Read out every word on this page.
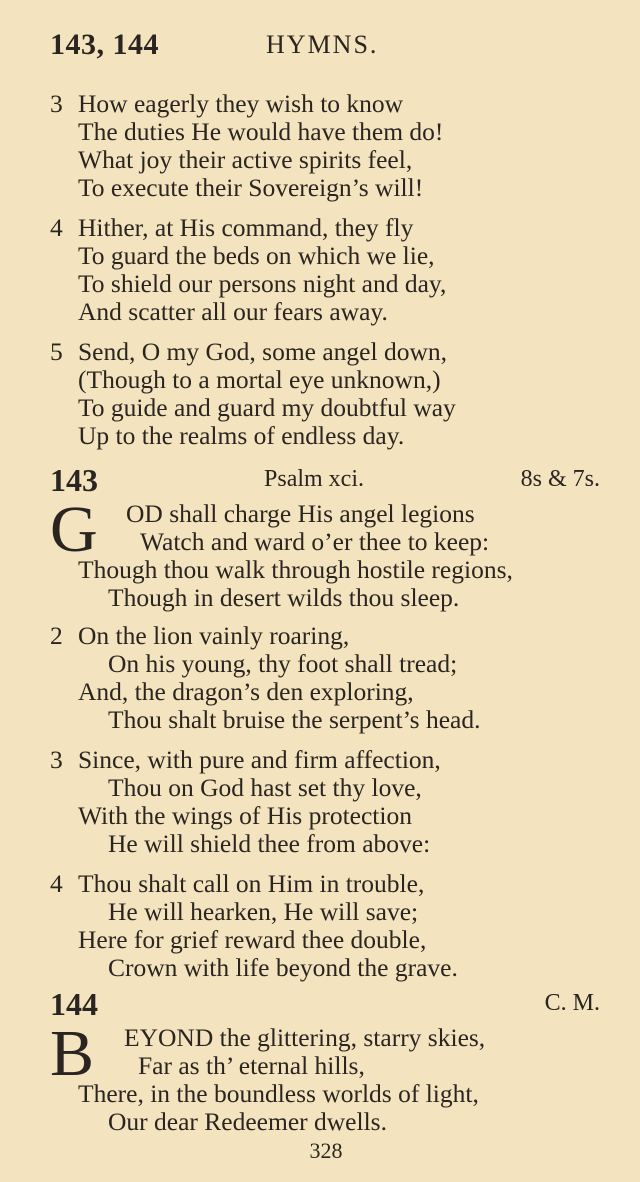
143, 144	HYMNS.
3 How eagerly they wish to know
The duties He would have them do!
What joy their active spirits feel,
To execute their Sovereign’s will!
4 Hither, at His command, they fly
To guard the beds on which we lie,
To shield our persons night and day,
And scatter all our fears away.
5 Send, O my God, some angel down,
(Though to a mortal eye unknown,)
To guide and guard my doubtful way
Up to the realms of endless day.
143	Psalm xci.	8s & 7s.
G	OD shall charge His angel legions
Watch and ward o’er thee to keep:
Though thou walk through hostile regions,
Though in desert wilds thou sleep.
2 On the lion vainly roaring,
On his young, thy foot shall tread;
And, the dragon’s den exploring,
Thou shalt bruise the serpent’s head.
3 Since, with pure and firm affection,
Thou on God hast set thy love,
With the wings of His protection
He will shield thee from above:
4 Thou shalt call on Him in trouble,
He will hearken, He will save;
Here for grief reward thee double,
Crown with life beyond the grave.
144	C. M.
B	EYOND the glittering, starry skies,
Far as th’ eternal hills,
There, in the boundless worlds of light,
Our dear Redeemer dwells.
328
